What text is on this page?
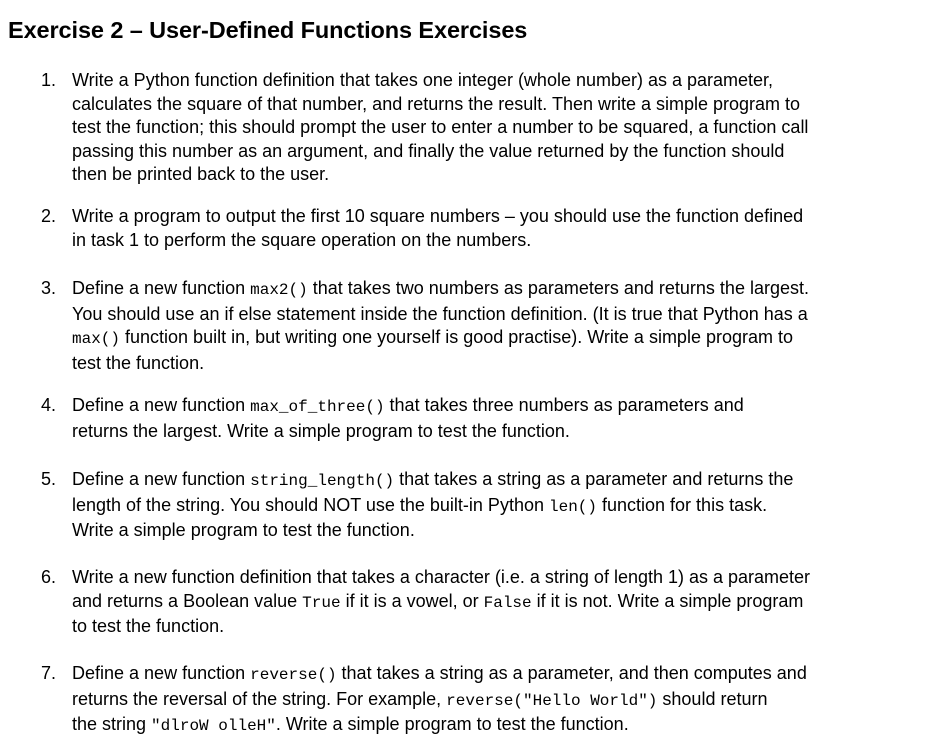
Exercise 2 – User-Defined Functions Exercises
1. Write a Python function definition that takes one integer (whole number) as a parameter,
calculates the square of that number, and returns the result. Then write a simple program to
test the function; this should prompt the user to enter a number to be squared, a function call
passing this number as an argument, and finally the value returned by the function should
then be printed back to the user.
2. Write a program to output the first 10 square numbers – you should use the function defined
in task 1 to perform the square operation on the numbers.
3. Define a new function max2() that takes two numbers as parameters and returns the largest.
You should use an if else statement inside the function definition. (It is true that Python has a
max() function built in, but writing one yourself is good practise). Write a simple program to
test the function.
4. Define a new function max_of_three() that takes three numbers as parameters and
returns the largest. Write a simple program to test the function.
5. Define a new function string_length() that takes a string as a parameter and returns the
length of the string. You should NOT use the built-in Python len() function for this task.
Write a simple program to test the function.
6. Write a new function definition that takes a character (i.e. a string of length 1) as a parameter
and returns a Boolean value True if it is a vowel, or False if it is not. Write a simple program
to test the function.
7. Define a new function reverse() that takes a string as a parameter, and then computes and
returns the reversal of the string. For example, reverse("Hello World") should return
the string "dlroW olleH". Write a simple program to test the function.
